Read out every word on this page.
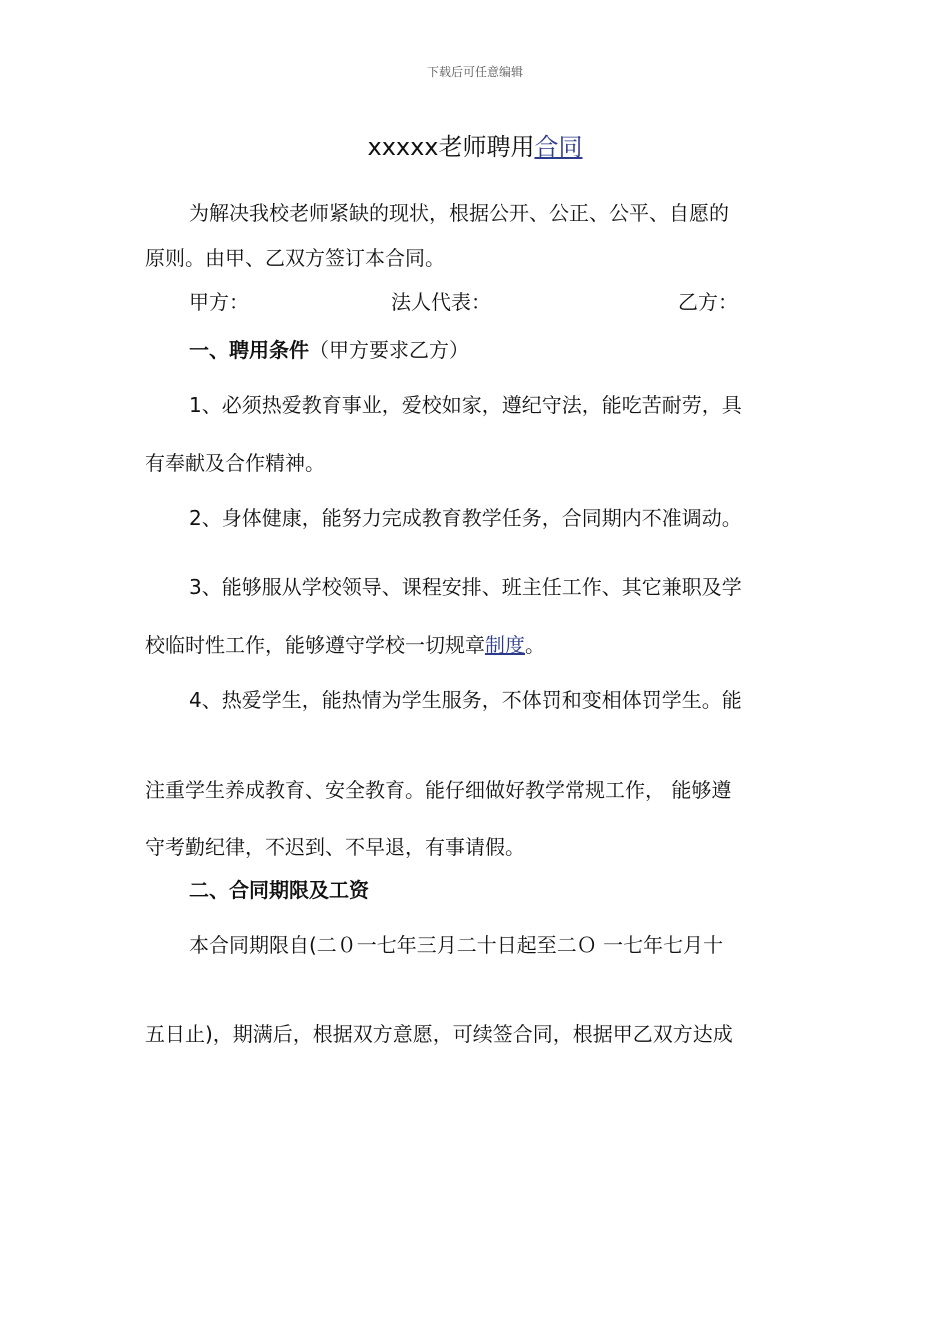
下载后可任意编辑
xxxxx老师聘用合同
为解决我校老师紧缺的现状，根据公开、公正、公平、自愿的
原则。由甲、乙双方签订本合同。
甲方：	法人代表：	乙方：
一、聘用条件（甲方要求乙方）
1、必须热爱教育事业，爱校如家，遵纪守法，能吃苦耐劳，具
有奉献及合作精神。
2、身体健康，能努力完成教育教学任务，合同期内不准调动。
3、能够服从学校领导、课程安排、班主任工作、其它兼职及学
校临时性工作，能够遵守学校一切规章制度。
4、热爱学生，能热情为学生服务，不体罚和变相体罚学生。能
注重学生养成教育、安全教育。能仔细做好教学常规工作， 能够遵
守考勤纪律，不迟到、不早退，有事请假。
二、合同期限及工资
本合同期限自(二０一七年三月二十日起至二Ｏ 一七年七月十
五日止)，期满后，根据双方意愿，可续签合同，根据甲乙双方达成
